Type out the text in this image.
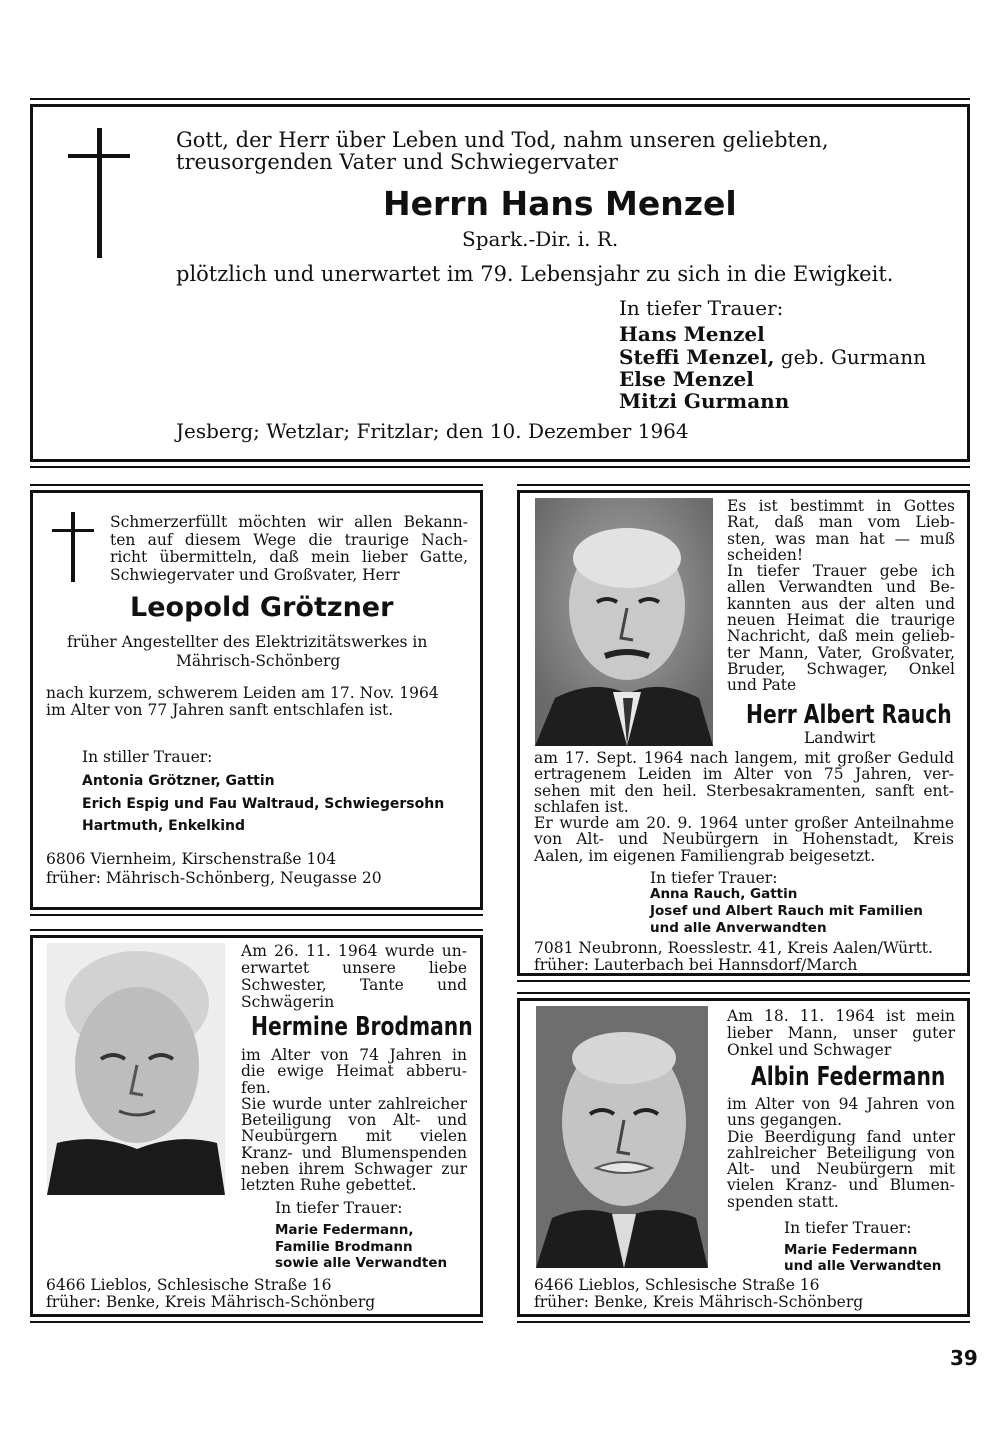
Gott, der Herr über Leben und Tod, nahm unseren geliebten,
treusorgenden Vater und Schwiegervater
Herrn Hans Menzel
Spark.-Dir. i. R.
plötzlich und unerwartet im 79. Lebensjahr zu sich in die Ewigkeit.
In tiefer Trauer:
Hans Menzel
Steffi Menzel, geb. Gurmann
Else Menzel
Mitzi Gurmann
Jesberg; Wetzlar; Fritzlar; den 10. Dezember 1964
Schmerzerfüllt möchten wir allen Bekann-
ten auf diesem Wege die traurige Nach-
richt übermitteln, daß mein lieber Gatte,
Schwiegervater und Großvater, Herr
Leopold Grötzner
früher Angestellter des Elektrizitätswerkes in
Mährisch-Schönberg
nach kurzem, schwerem Leiden am 17. Nov. 1964
im Alter von 77 Jahren sanft entschlafen ist.
In stiller Trauer:
Antonia Grötzner, Gattin
Erich Espig und Fau Waltraud, Schwiegersohn
Hartmuth, Enkelkind
6806 Viernheim, Kirschenstraße 104
früher: Mährisch-Schönberg, Neugasse 20
Es ist bestimmt in Gottes
Rat, daß man vom Lieb-
sten, was man hat — muß
scheiden!
In tiefer Trauer gebe ich
allen Verwandten und Be-
kannten aus der alten und
neuen Heimat die traurige
Nachricht, daß mein gelieb-
ter Mann, Vater, Großvater,
Bruder, Schwager, Onkel
und Pate
Herr Albert Rauch
Landwirt
am 17. Sept. 1964 nach langem, mit großer Geduld
ertragenem Leiden im Alter von 75 Jahren, ver-
sehen mit den heil. Sterbesakramenten, sanft ent-
schlafen ist.
Er wurde am 20. 9. 1964 unter großer Anteilnahme
von Alt- und Neubürgern in Hohenstadt, Kreis
Aalen, im eigenen Familiengrab beigesetzt.
In tiefer Trauer:
Anna Rauch, Gattin
Josef und Albert Rauch mit Familien
und alle Anverwandten
7081 Neubronn, Roesslestr. 41, Kreis Aalen/Württ.
früher: Lauterbach bei Hannsdorf/March
Am 26. 11. 1964 wurde un-
erwartet unsere liebe
Schwester, Tante und
Schwägerin
Hermine Brodmann
im Alter von 74 Jahren in
die ewige Heimat abberu-
fen.
Sie wurde unter zahlreicher
Beteiligung von Alt- und
Neubürgern mit vielen
Kranz- und Blumenspenden
neben ihrem Schwager zur
letzten Ruhe gebettet.
In tiefer Trauer:
Marie Federmann,
Familie Brodmann
sowie alle Verwandten
6466 Lieblos, Schlesische Straße 16
früher: Benke, Kreis Mährisch-Schönberg
Am 18. 11. 1964 ist mein
lieber Mann, unser guter
Onkel und Schwager
Albin Federmann
im Alter von 94 Jahren von
uns gegangen.
Die Beerdigung fand unter
zahlreicher Beteiligung von
Alt- und Neubürgern mit
vielen Kranz- und Blumen-
spenden statt.
In tiefer Trauer:
Marie Federmann
und alle Verwandten
6466 Lieblos, Schlesische Straße 16
früher: Benke, Kreis Mährisch-Schönberg
39
